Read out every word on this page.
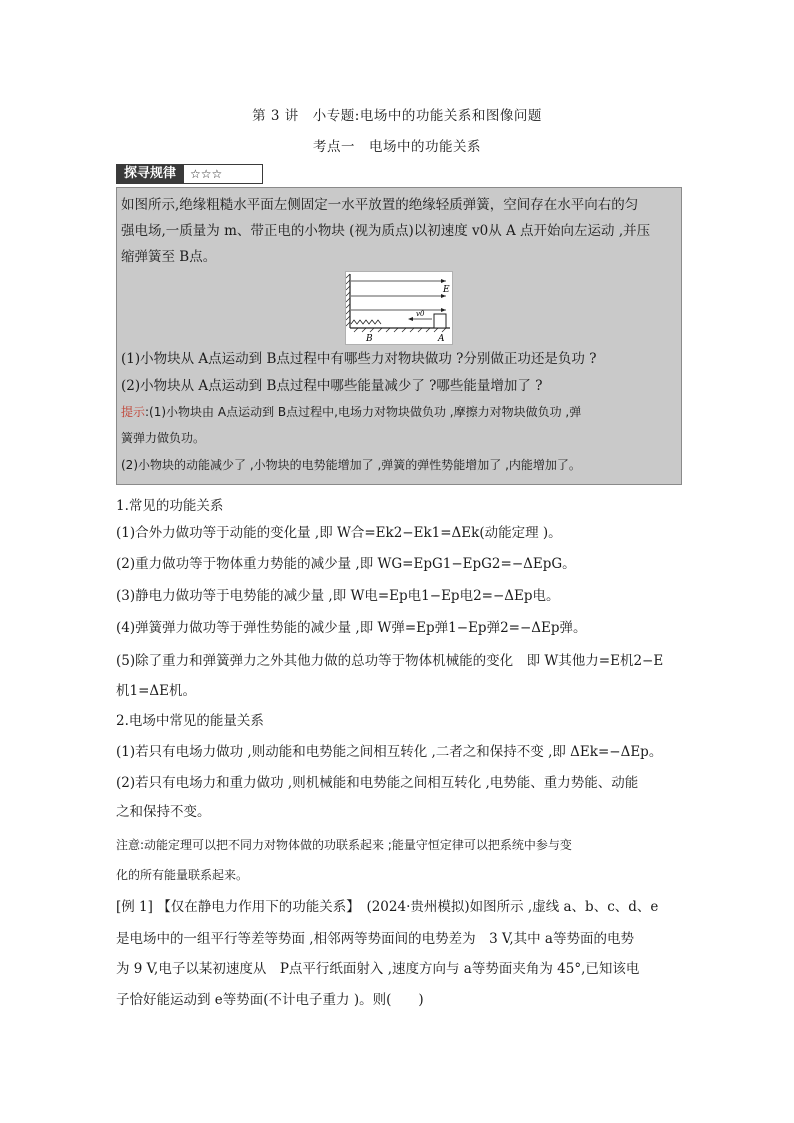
第 3 讲　小专题:电场中的功能关系和图像问题
考点一　电场中的功能关系
探寻规律	☆☆☆
如图所示,绝缘粗糙水平面左侧固定一水平放置的绝缘轻质弹簧，空间存在水平向右的匀
强电场,一质量为 m、带正电的小物块 (视为质点)以初速度 v0从 A 点开始向左运动 ,并压
缩弹簧至 B点。
E
v0
B	A
(1)小物块从 A点运动到 B点过程中有哪些力对物块做功 ?分别做正功还是负功 ?
(2)小物块从 A点运动到 B点过程中哪些能量减少了 ?哪些能量增加了 ?
提示:(1)小物块由 A点运动到 B点过程中,电场力对物块做负功 ,摩擦力对物块做负功 ,弹
簧弹力做负功。
(2)小物块的动能减少了 ,小物块的电势能增加了 ,弹簧的弹性势能增加了 ,内能增加了。
1.常见的功能关系
(1)合外力做功等于动能的变化量 ,即 W合=Ek2−Ek1=ΔEk(动能定理 )。
(2)重力做功等于物体重力势能的减少量 ,即 WG=EpG1−EpG2=−ΔEpG。
(3)静电力做功等于电势能的减少量 ,即 W电=Ep电1−Ep电2=−ΔEp电。
(4)弹簧弹力做功等于弹性势能的减少量 ,即 W弹=Ep弹1−Ep弹2=−ΔEp弹。
(5)除了重力和弹簧弹力之外其他力做的总功等于物体机械能的变化　即 W其他力=E机2−E
机1=ΔE机。
2.电场中常见的能量关系
(1)若只有电场力做功 ,则动能和电势能之间相互转化 ,二者之和保持不变 ,即 ΔEk=−ΔEp。
(2)若只有电场力和重力做功 ,则机械能和电势能之间相互转化 ,电势能、重力势能、动能
之和保持不变。
注意:动能定理可以把不同力对物体做的功联系起来 ;能量守恒定律可以把系统中参与变
化的所有能量联系起来。
[例 1] 【仅在静电力作用下的功能关系】　(2024·贵州模拟)如图所示 ,虚线 a、b、c、d、e
是电场中的一组平行等差等势面 ,相邻两等势面间的电势差为　3 V,其中 a等势面的电势
为 9 V,电子以某初速度从　P点平行纸面射入 ,速度方向与 a等势面夹角为 45°,已知该电
子恰好能运动到 e等势面(不计电子重力 )。则(　　)
